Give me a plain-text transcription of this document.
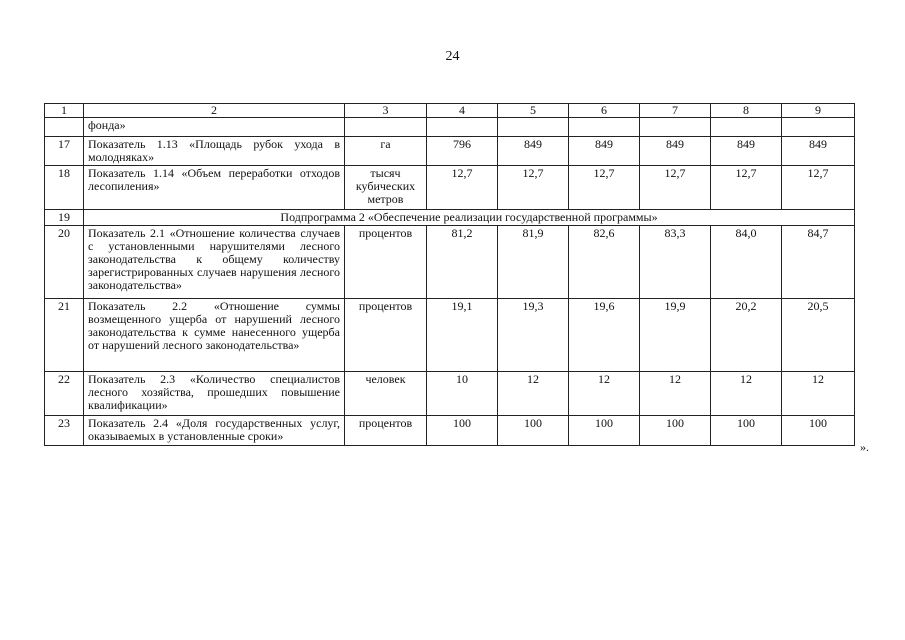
24
1	2	3	4	5	6	7	8	9
	фонда»							
17	Показатель 1.13 «Площадь рубок ухода в молодняках»	га	796	849	849	849	849	849
18	Показатель 1.14 «Объем переработки отходов лесопиления»	тысяч кубических метров	12,7	12,7	12,7	12,7	12,7	12,7
19	Подпрограмма 2 «Обеспечение реализации государственной программы»							
20	Показатель 2.1 «Отношение количества случаев с установленными нарушителями лесного законодательства к общему количеству зарегистрированных случаев нарушения лесного законодательства»	процентов	81,2	81,9	82,6	83,3	84,0	84,7
21	Показатель 2.2 «Отношение суммы возмещенного ущерба от нарушений лесного законодательства к сумме нанесенного ущерба от нарушений лесного законодательства»	процентов	19,1	19,3	19,6	19,9	20,2	20,5
22	Показатель 2.3 «Количество специалистов лесного хозяйства, прошедших повышение квалификации»	человек	10	12	12	12	12	12
23	Показатель 2.4 «Доля государственных услуг, оказываемых в установленные сроки»	процентов	100	100	100	100	100	100
».
